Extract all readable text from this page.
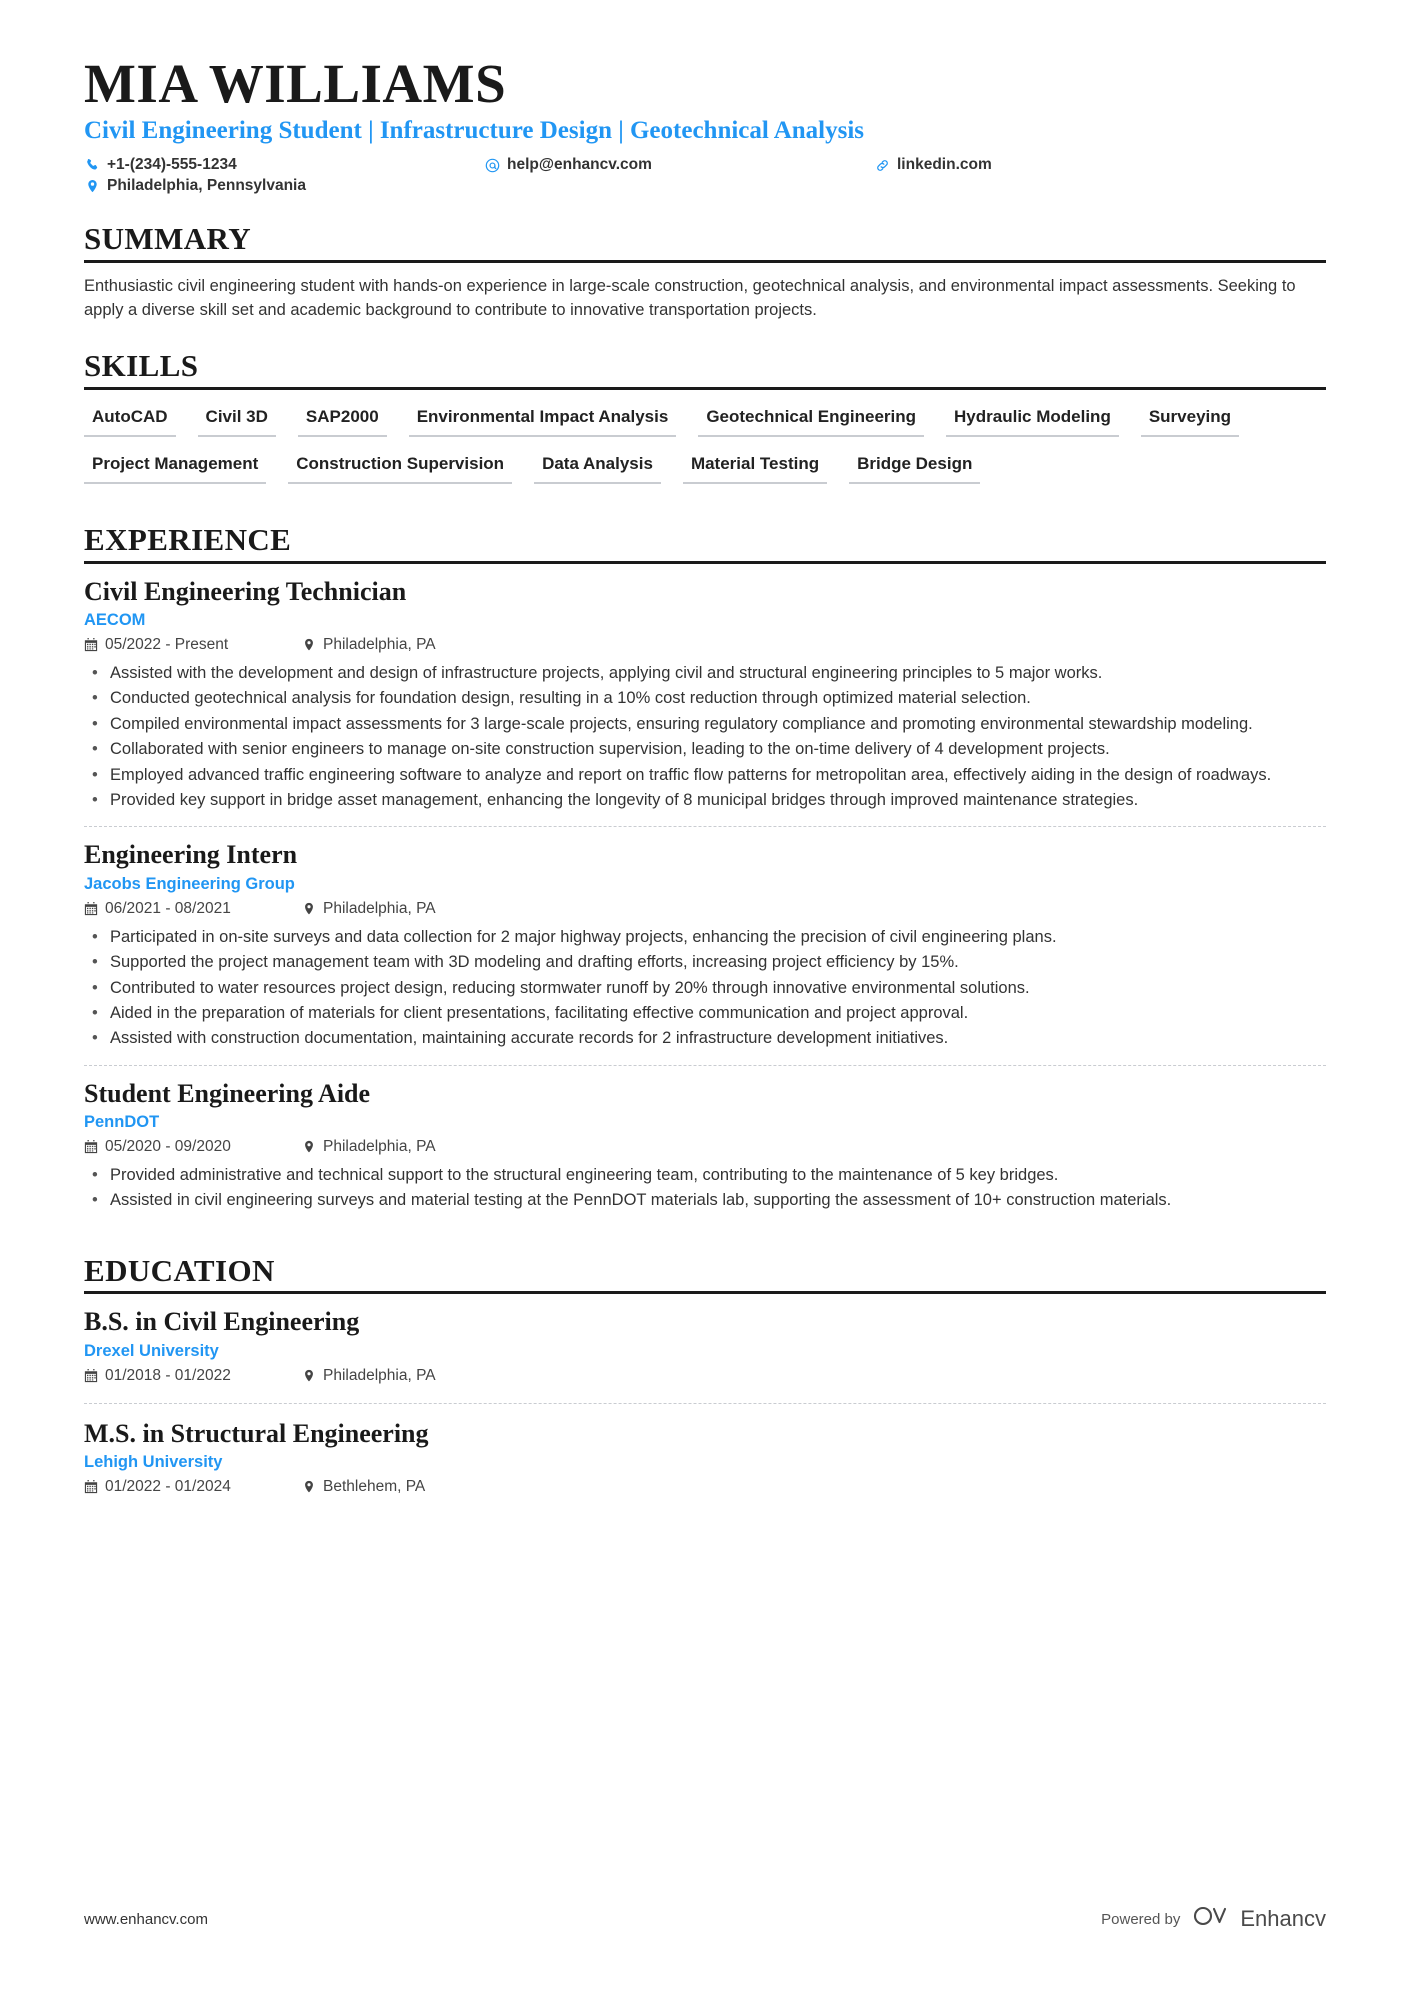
MIA WILLIAMS
Civil Engineering Student | Infrastructure Design | Geotechnical Analysis
+1-(234)-555-1234	help@enhancv.com	linkedin.com
Philadelphia, Pennsylvania
SUMMARY

Enthusiastic civil engineering student with hands-on experience in large-scale construction, geotechnical analysis, and environmental impact assessments. Seeking to apply a diverse skill set and academic background to contribute to innovative transportation projects.

SKILLS
AutoCAD	Civil 3D	SAP2000	Environmental Impact Analysis	Geotechnical Engineering	Hydraulic Modeling	Surveying
Project Management	Construction Supervision	Data Analysis	Material Testing	Bridge Design
EXPERIENCE
Civil Engineering Technician
AECOM
05/2022 - Present	Philadelphia, PA
• Assisted with the development and design of infrastructure projects, applying civil and structural engineering principles to 5 major works.
• Conducted geotechnical analysis for foundation design, resulting in a 10% cost reduction through optimized material selection.
• Compiled environmental impact assessments for 3 large-scale projects, ensuring regulatory compliance and promoting environmental stewardship modeling.
• Collaborated with senior engineers to manage on-site construction supervision, leading to the on-time delivery of 4 development projects.
• Employed advanced traffic engineering software to analyze and report on traffic flow patterns for metropolitan area, effectively aiding in the design of roadways.
• Provided key support in bridge asset management, enhancing the longevity of 8 municipal bridges through improved maintenance strategies.
Engineering Intern
Jacobs Engineering Group
06/2021 - 08/2021	Philadelphia, PA
• Participated in on-site surveys and data collection for 2 major highway projects, enhancing the precision of civil engineering plans.
• Supported the project management team with 3D modeling and drafting efforts, increasing project efficiency by 15%.
• Contributed to water resources project design, reducing stormwater runoff by 20% through innovative environmental solutions.
• Aided in the preparation of materials for client presentations, facilitating effective communication and project approval.
• Assisted with construction documentation, maintaining accurate records for 2 infrastructure development initiatives.
Student Engineering Aide
PennDOT
05/2020 - 09/2020	Philadelphia, PA
• Provided administrative and technical support to the structural engineering team, contributing to the maintenance of 5 key bridges.
• Assisted in civil engineering surveys and material testing at the PennDOT materials lab, supporting the assessment of 10+ construction materials.
EDUCATION
B.S. in Civil Engineering
Drexel University
01/2018 - 01/2022	Philadelphia, PA
M.S. in Structural Engineering
Lehigh University
01/2022 - 01/2024	Bethlehem, PA
www.enhancv.com	Powered by	Enhancv
